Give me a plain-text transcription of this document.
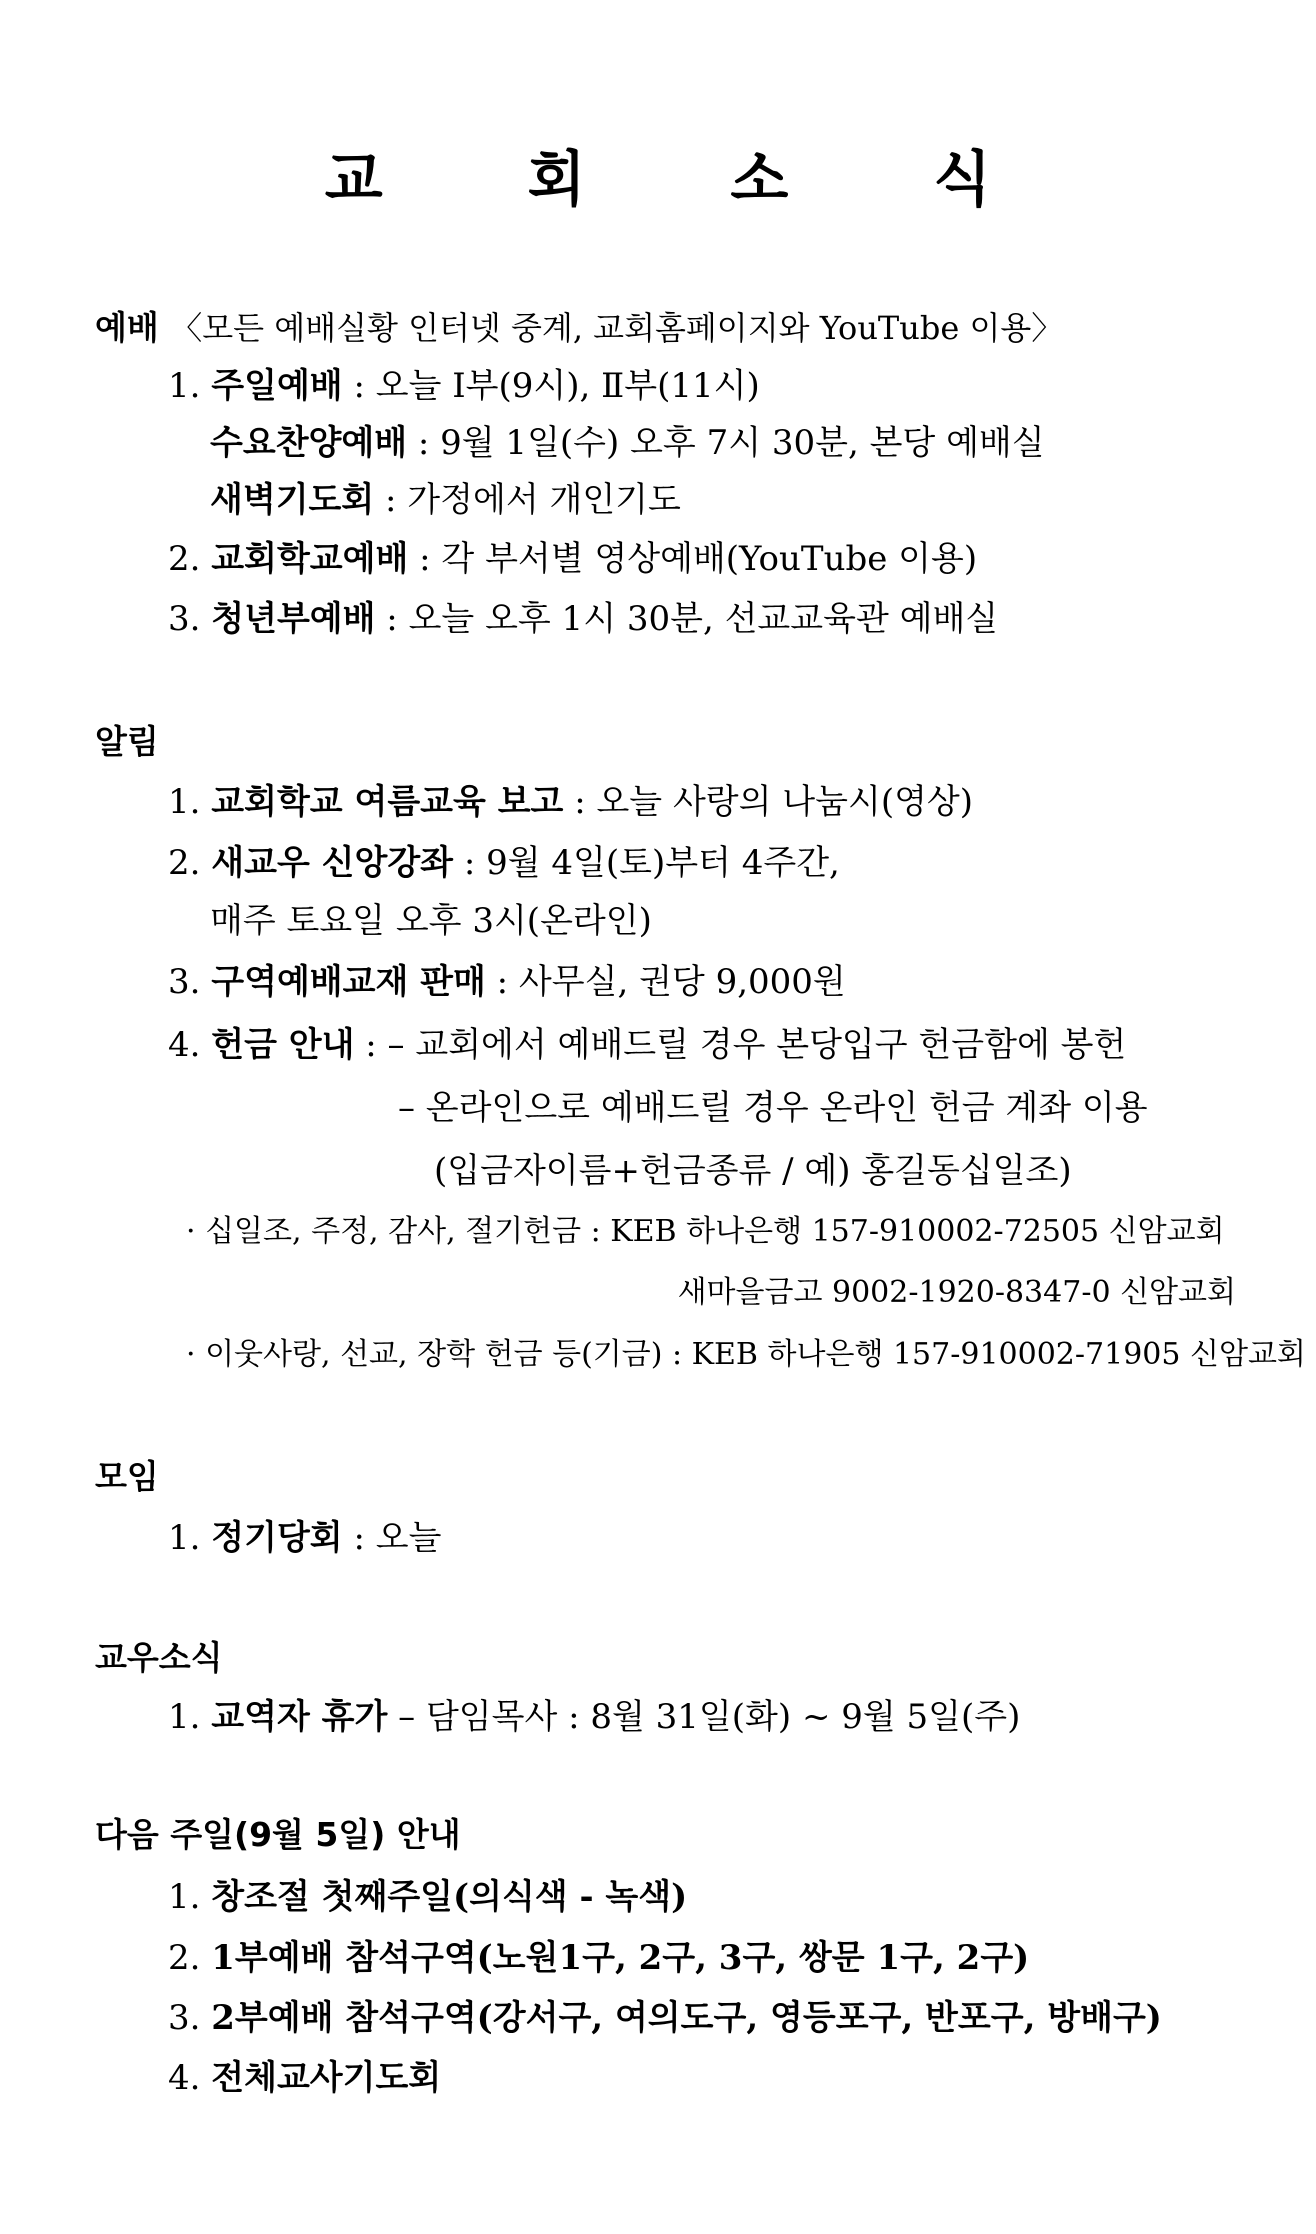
교 회 소 식
예배 〈모든 예배실황 인터넷 중계, 교회홈페이지와 YouTube 이용〉
1. 주일예배 : 오늘 Ⅰ부(9시), Ⅱ부(11시)
수요찬양예배 : 9월 1일(수) 오후 7시 30분, 본당 예배실
새벽기도회 : 가정에서 개인기도
2. 교회학교예배 : 각 부서별 영상예배(YouTube 이용)
3. 청년부예배 : 오늘 오후 1시 30분, 선교교육관 예배실
알림
1. 교회학교 여름교육 보고 : 오늘 사랑의 나눔시(영상)
2. 새교우 신앙강좌 : 9월 4일(토)부터 4주간,
매주 토요일 오후 3시(온라인)
3. 구역예배교재 판매 : 사무실, 권당 9,000원
4. 헌금 안내 : – 교회에서 예배드릴 경우 본당입구 헌금함에 봉헌
– 온라인으로 예배드릴 경우 온라인 헌금 계좌 이용
(입금자이름+헌금종류 / 예) 홍길동십일조)
· 십일조, 주정, 감사, 절기헌금 : KEB 하나은행 157-910002-72505 신암교회
새마을금고 9002-1920-8347-0 신암교회
· 이웃사랑, 선교, 장학 헌금 등(기금) : KEB 하나은행 157-910002-71905 신암교회
모임
1. 정기당회 : 오늘
교우소식
1. 교역자 휴가 – 담임목사 : 8월 31일(화) ~ 9월 5일(주)
다음 주일(9월 5일) 안내
1. 창조절 첫째주일(의식색 - 녹색)
2. 1부예배 참석구역(노원1구, 2구, 3구, 쌍문 1구, 2구)
3. 2부예배 참석구역(강서구, 여의도구, 영등포구, 반포구, 방배구)
4. 전체교사기도회
